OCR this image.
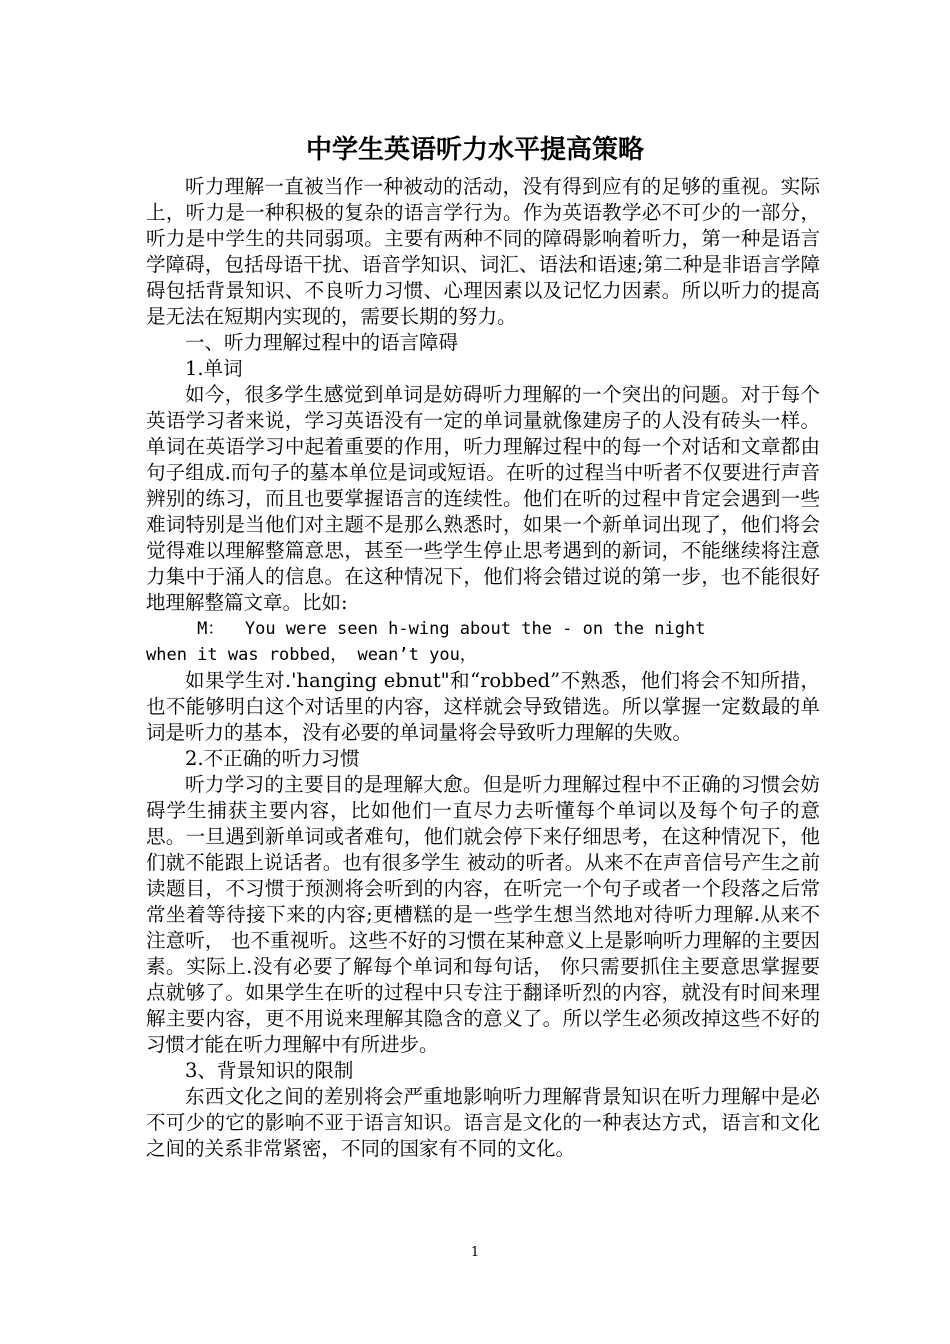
中学生英语听力水平提高策略

听力理解一直被当作一种被动的活动，没有得到应有的足够的重视。实际上，听力是一种积极的复杂的语言学行为。作为英语教学必不可少的一部分，听力是中学生的共同弱项。主要有两种不同的障碍影响着听力，第一种是语言学障碍，包括母语干扰、语音学知识、词汇、语法和语速;第二种是非语言学障碍包括背景知识、不良听力习惯、心理因素以及记忆力因素。所以听力的提高是无法在短期内实现的，需要长期的努力。

一、听力理解过程中的语言障碍

1.单词

如今，很多学生感觉到单词是妨碍听力理解的一个突出的问题。对于每个英语学习者来说，学习英语没有一定的单词量就像建房子的人没有砖头一样。单词在英语学习中起着重要的作用，听力理解过程中的每一个对话和文章都由句子组成.而句子的墓本单位是词或短语。在听的过程当中听者不仅要进行声音辨别的练习，而且也要掌握语言的连续性。他们在听的过程中肯定会遇到一些难词特别是当他们对主题不是那么熟悉时，如果一个新单词出现了，他们将会觉得难以理解整篇意思，甚至一些学生停止思考遇到的新词，不能继续将注意力集中于涌人的信息。在这种情况下，他们将会错过说的第一步，也不能很好地理解整篇文章。比如:

M：  You were seen h-wing about the - on the night

when it was robbed， wean’t you，

如果学生对.'hanging ebnut"和“robbed”不熟悉，他们将会不知所措，也不能够明白这个对话里的内容，这样就会导致错选。所以掌握一定数最的单词是听力的基本，没有必要的单词量将会导致听力理解的失败。

2.不正确的听力习惯

听力学习的主要目的是理解大愈。但是听力理解过程中不正确的习惯会妨碍学生捕获主要内容，比如他们一直尽力去听懂每个单词以及每个句子的意思。一旦遇到新单词或者难句，他们就会停下来仔细思考，在这种情况下，他们就不能跟上说话者。也有很多学生 被动的听者。从来不在声音信号产生之前读题目，不习惯于预测将会听到的内容，在听完一个句子或者一个段落之后常常坐着等待接下来的内容;更槽糕的是一些学生想当然地对待听力理解.从来不注意听， 也不重视听。这些不好的习惯在某种意义上是影响听力理解的主要因素。实际上.没有必要了解每个单词和每句话， 你只需要抓住主要意思掌握要点就够了。如果学生在听的过程中只专注于翻译听烈的内容，就没有时间来理解主要内容，更不用说来理解其隐含的意义了。所以学生必须改掉这些不好的习惯才能在听力理解中有所进步。

3、背景知识的限制

东西文化之间的差别将会严重地影响听力理解背景知识在听力理解中是必不可少的它的影响不亚于语言知识。语言是文化的一种表达方式，语言和文化之间的关系非常紧密，不同的国家有不同的文化。

1
